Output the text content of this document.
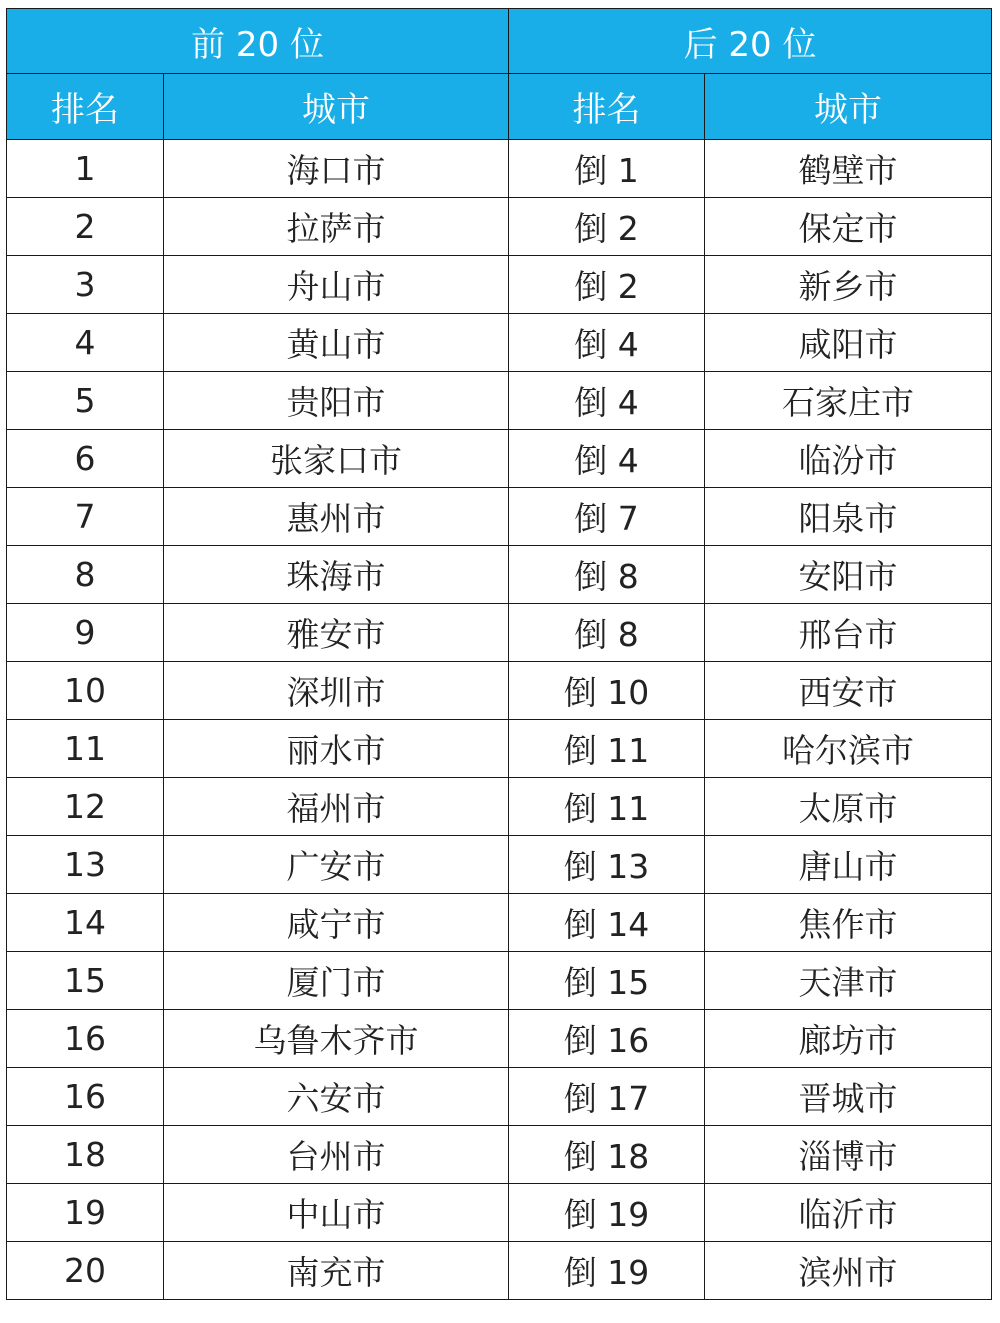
前 20 位		后 20 位	
排名	城市	排名	城市
1	海口市	倒 1	鹤壁市
2	拉萨市	倒 2	保定市
3	舟山市	倒 2	新乡市
4	黄山市	倒 4	咸阳市
5	贵阳市	倒 4	石家庄市
6	张家口市	倒 4	临汾市
7	惠州市	倒 7	阳泉市
8	珠海市	倒 8	安阳市
9	雅安市	倒 8	邢台市
10	深圳市	倒 10	西安市
11	丽水市	倒 11	哈尔滨市
12	福州市	倒 11	太原市
13	广安市	倒 13	唐山市
14	咸宁市	倒 14	焦作市
15	厦门市	倒 15	天津市
16	乌鲁木齐市	倒 16	廊坊市
16	六安市	倒 17	晋城市
18	台州市	倒 18	淄博市
19	中山市	倒 19	临沂市
20	南充市	倒 19	滨州市
